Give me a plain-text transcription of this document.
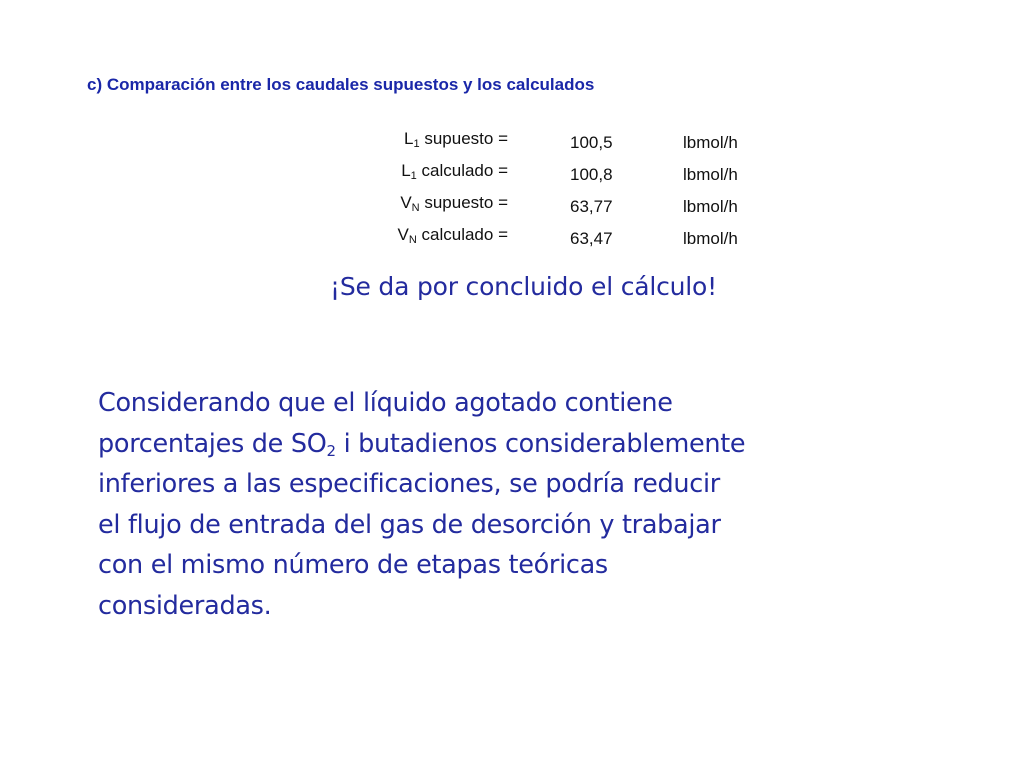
c) Comparación entre los caudales supuestos y los calculados
$L_1$ supuesto =	100,5	lbmol/h
$L_1$ calculado =	100,8	lbmol/h
$V_N$ supuesto =	63,77	lbmol/h
$V_N$ calculado =	63,47	lbmol/h
¡Se da por concluido el cálculo!
Considerando que el líquido agotado contiene
porcentajes de $SO_2$ i butadienos considerablemente
inferiores a las especificaciones, se podría reducir
el flujo de entrada del gas de desorción y trabajar
con el mismo número de etapas teóricas
consideradas.
